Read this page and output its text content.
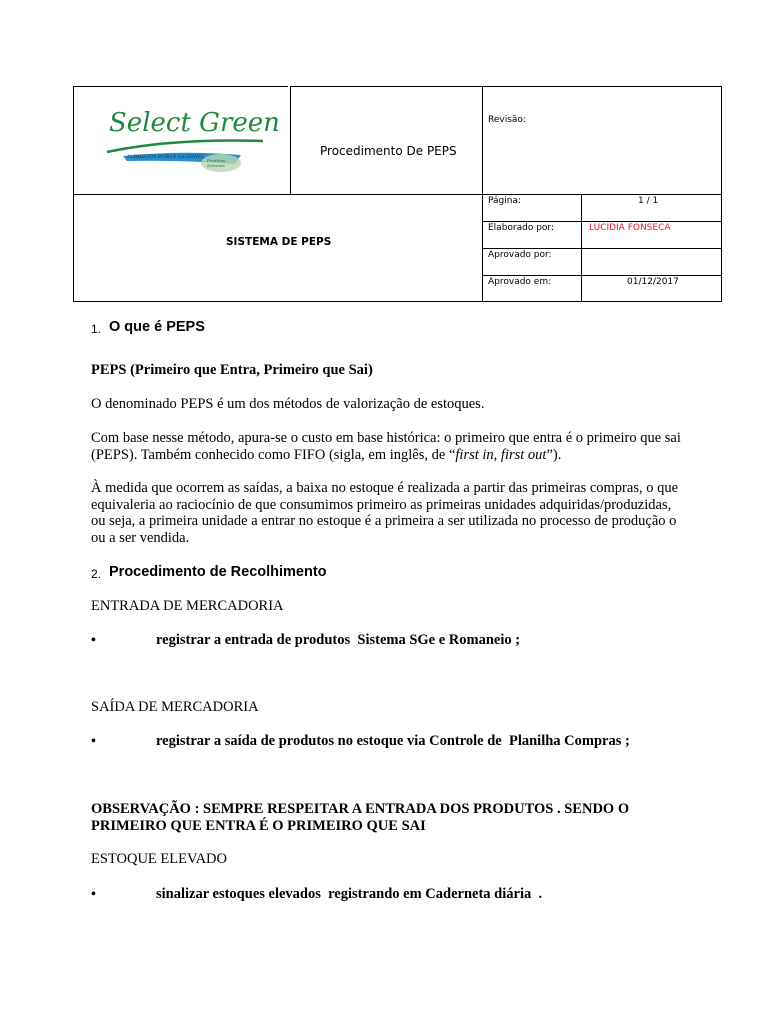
Select Green
ALIMENTOS PURO E SAUDÁVEL
Produtos Naturais
Procedimento De PEPS
Revisão:
SISTEMA DE PEPS
Página:	1 / 1
Elaborado por:	LUCIDIA FONSECA
Aprovado por:
Aprovado em:	01/12/2017
1. O que é PEPS
PEPS (Primeiro que Entra, Primeiro que Sai)
O denominado PEPS é um dos métodos de valorização de estoques.
Com base nesse método, apura-se o custo em base histórica: o primeiro que entra é o primeiro que sai
(PEPS). Também conhecido como FIFO (sigla, em inglês, de “first in, first out”).
À medida que ocorrem as saídas, a baixa no estoque é realizada a partir das primeiras compras, o que
equivaleria ao raciocínio de que consumimos primeiro as primeiras unidades adquiridas/produzidas,
ou seja, a primeira unidade a entrar no estoque é a primeira a ser utilizada no processo de produção o
ou a ser vendida.
2. Procedimento de Recolhimento
ENTRADA DE MERCADORIA
•	registrar a entrada de produtos  Sistema SGe e Romaneio ;
SAÍDA DE MERCADORIA
•	registrar a saída de produtos no estoque via Controle de  Planilha Compras ;
OBSERVAÇÃO : SEMPRE RESPEITAR A ENTRADA DOS PRODUTOS . SENDO O
PRIMEIRO QUE ENTRA É O PRIMEIRO QUE SAI
ESTOQUE ELEVADO
•	sinalizar estoques elevados  registrando em Caderneta diária  .
